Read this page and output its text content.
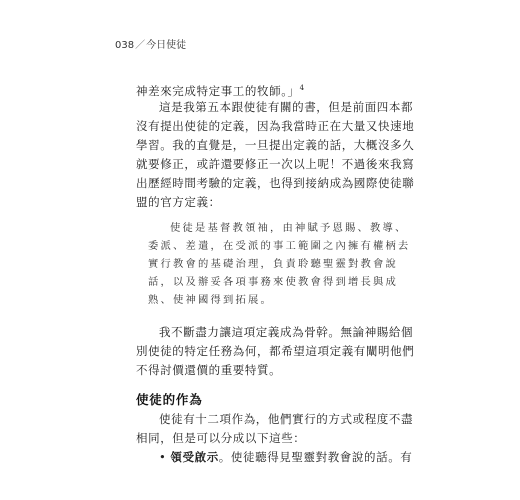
038／今日使徒
神差來完成特定事工的牧師。」$^4$
這是我第五本跟使徒有關的書，但是前面四本都
沒有提出使徒的定義，因為我當時正在大量又快速地
學習。我的直覺是，一旦提出定義的話，大概沒多久
就要修正，或許還要修正一次以上呢！不過後來我寫
出歷經時間考驗的定義，也得到接納成為國際使徒聯
盟的官方定義：
使徒是基督教領袖，由神賦予恩賜、教導、
委派、差遣，在受派的事工範圍之內擁有權柄去
實行教會的基礎治理，負責聆聽聖靈對教會說
話，以及辦妥各項事務來使教會得到增長與成
熟、使神國得到拓展。
我不斷盡力讓這項定義成為骨幹。無論神賜給個
別使徒的特定任務為何，都希望這項定義有闡明他們
不得討價還價的重要特質。
使徒的作為
使徒有十二項作為，他們實行的方式或程度不盡
相同，但是可以分成以下這些：
• 領受啟示。使徒聽得見聖靈對教會說的話。有
